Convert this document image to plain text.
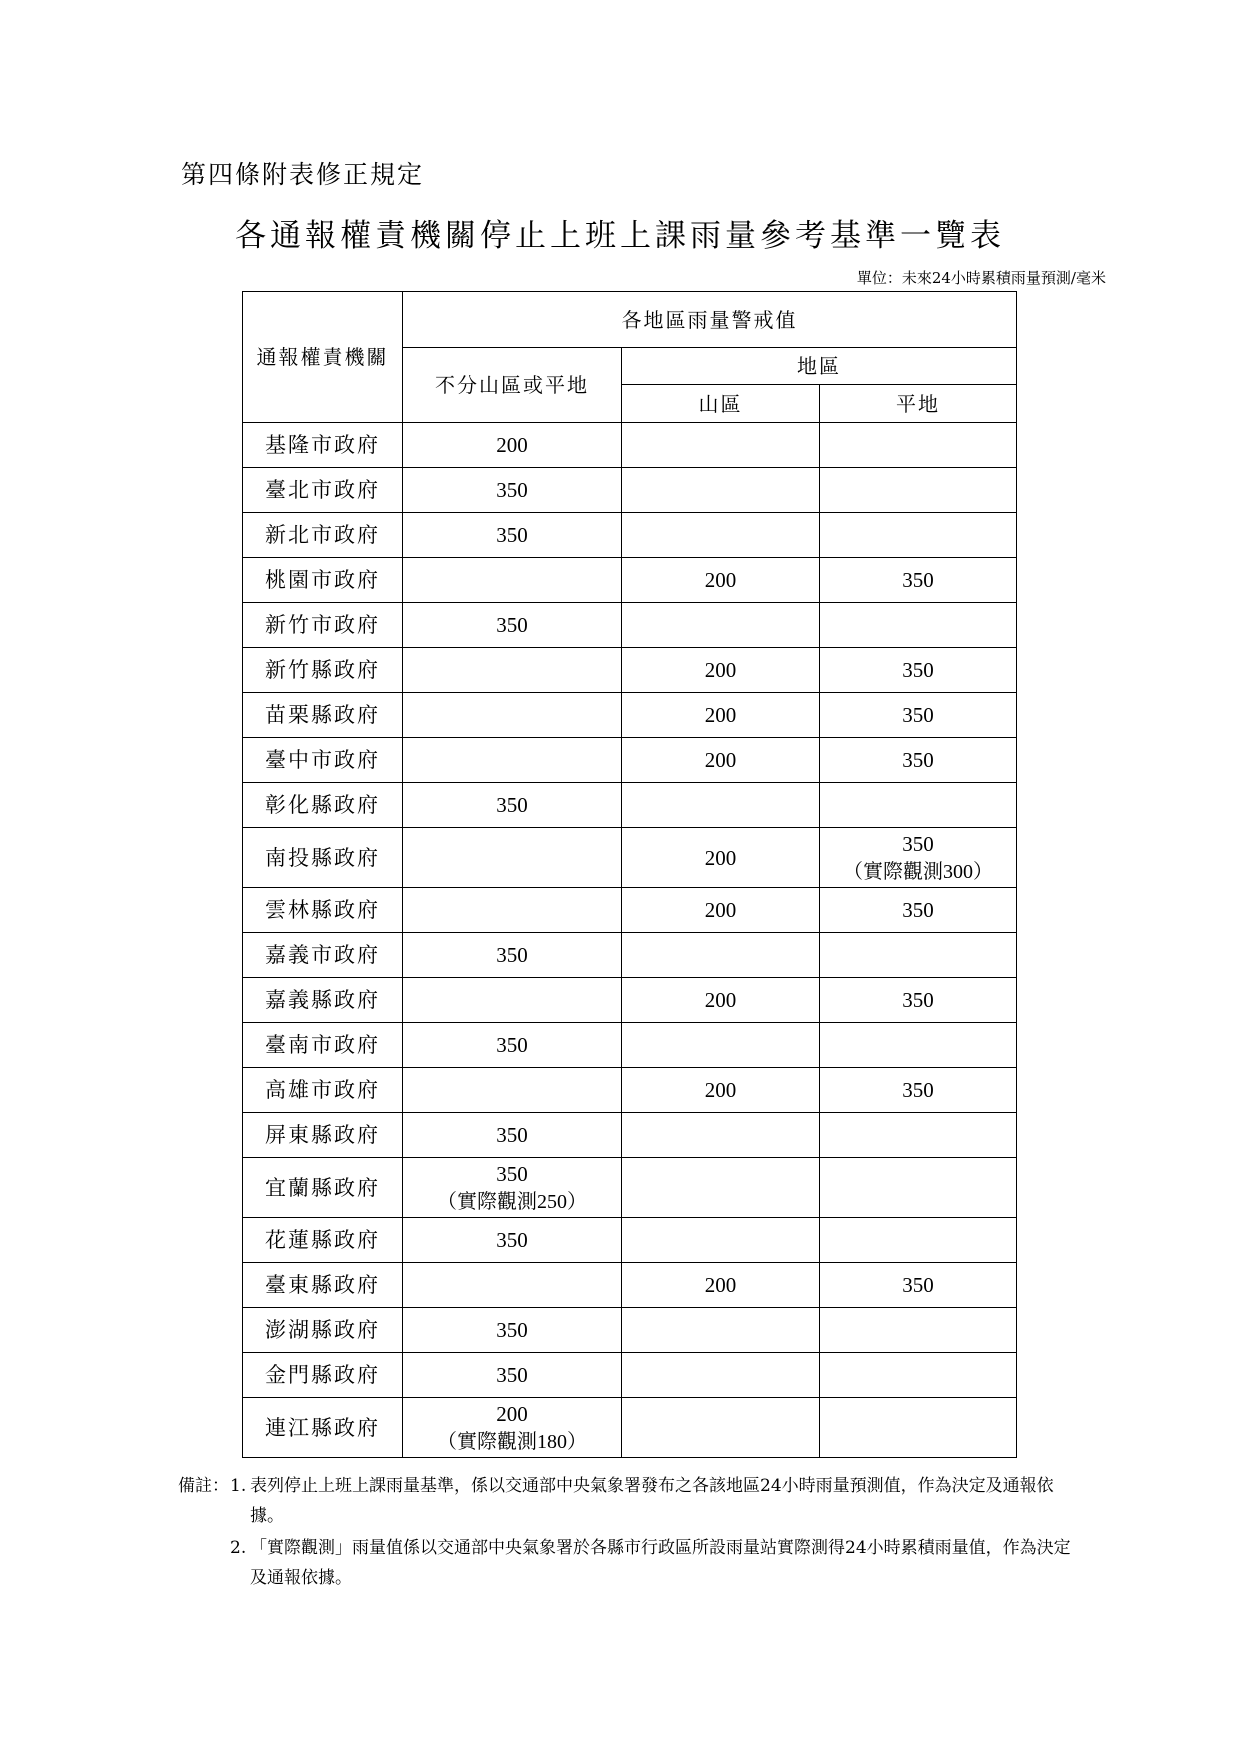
第四條附表修正規定
各通報權責機關停止上班上課雨量參考基準一覽表
單位：未來24小時累積雨量預測/毫米
通報權責機關	各地區雨量警戒值		
	不分山區或平地	地區	
		山區	平地
基隆市政府	200		

臺北市政府	350		

新北市政府	350		

桃園市政府		200	350

新竹市政府	350		

新竹縣政府		200	350

苗栗縣政府		200	350

臺中市政府		200	350

彰化縣政府	350		

南投縣政府		200	350
（實際觀測300）

雲林縣政府		200	350

嘉義市政府	350		

嘉義縣政府		200	350

臺南市政府	350		

高雄市政府		200	350

屏東縣政府	350		

宜蘭縣政府	350
（實際觀測250）		

花蓮縣政府	350		

臺東縣政府		200	350

澎湖縣政府	350		

金門縣政府	350		

連江縣政府	200
（實際觀測180）		

備註： 1. 表列停止上班上課雨量基準，係以交通部中央氣象署發布之各該地區24小時雨量預測值，作為決定及通報依據。
2. 「實際觀測」雨量值係以交通部中央氣象署於各縣市行政區所設雨量站實際測得24小時累積雨量值，作為決定及通報依據。
